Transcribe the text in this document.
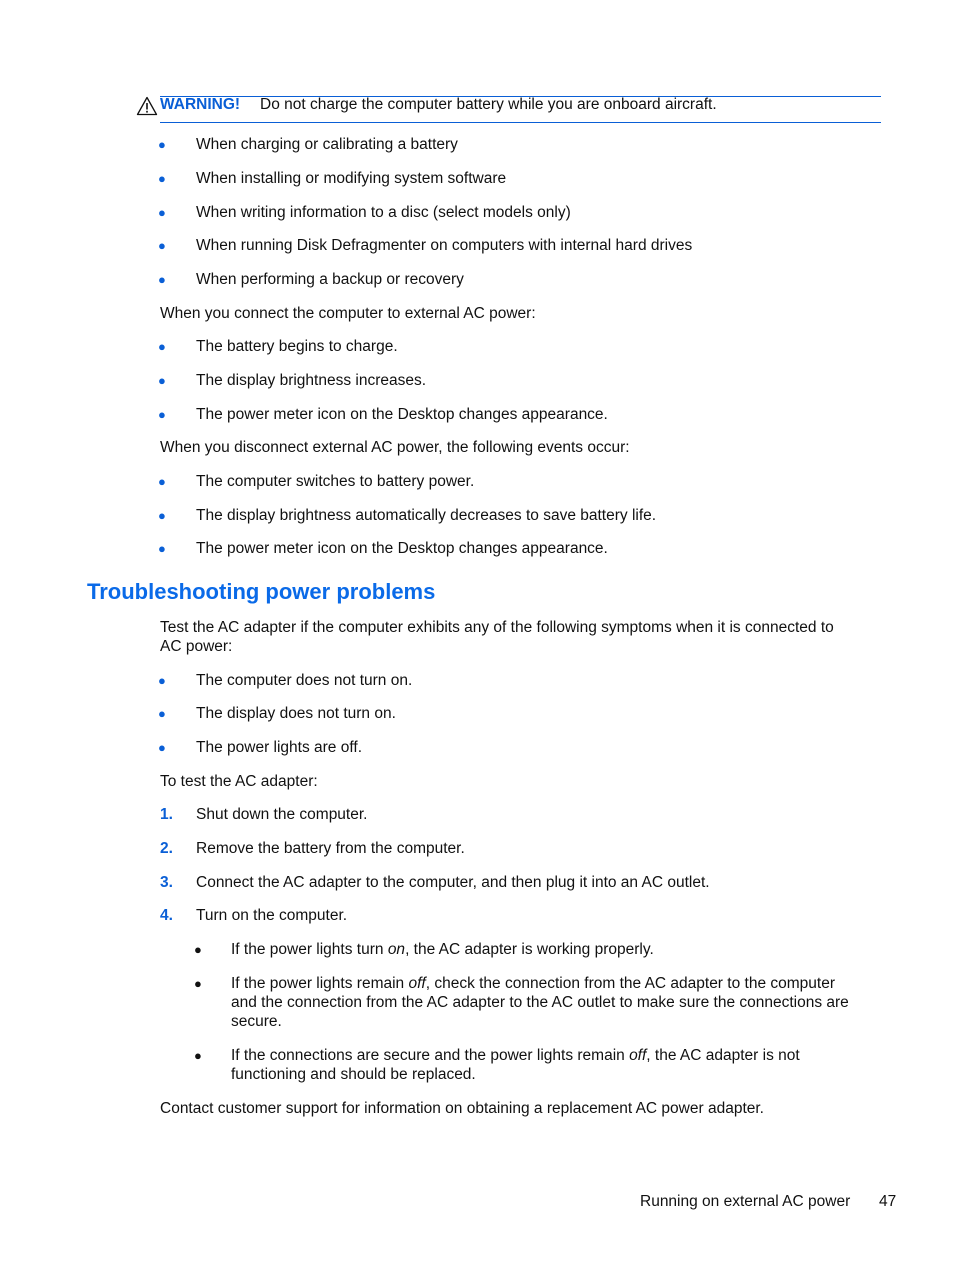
WARNING! Do not charge the computer battery while you are onboard aircraft.
● When charging or calibrating a battery
● When installing or modifying system software
● When writing information to a disc (select models only)
● When running Disk Defragmenter on computers with internal hard drives
● When performing a backup or recovery
When you connect the computer to external AC power:
● The battery begins to charge.
● The display brightness increases.
● The power meter icon on the Desktop changes appearance.
When you disconnect external AC power, the following events occur:
● The computer switches to battery power.
● The display brightness automatically decreases to save battery life.
● The power meter icon on the Desktop changes appearance.
Troubleshooting power problems
Test the AC adapter if the computer exhibits any of the following symptoms when it is connected to
AC power:
● The computer does not turn on.
● The display does not turn on.
● The power lights are off.
To test the AC adapter:
1. Shut down the computer.
2. Remove the battery from the computer.
3. Connect the AC adapter to the computer, and then plug it into an AC outlet.
4. Turn on the computer.
● If the power lights turn on, the AC adapter is working properly.
● If the power lights remain off, check the connection from the AC adapter to the computer
and the connection from the AC adapter to the AC outlet to make sure the connections are
secure.
● If the connections are secure and the power lights remain off, the AC adapter is not
functioning and should be replaced.
Contact customer support for information on obtaining a replacement AC power adapter.
Running on external AC power 47
